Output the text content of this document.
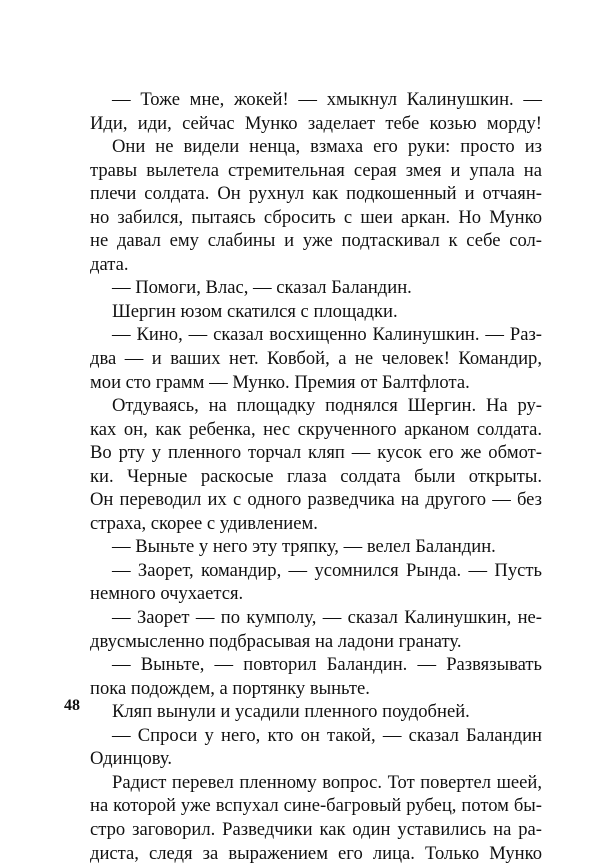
— Тоже мне, жокей! — хмыкнул Калинушкин. —
Иди, иди, сейчас Мунко заделает тебе козью морду!
Они не видели ненца, взмаха его руки: просто из
травы вылетела стремительная серая змея и упала на
плечи солдата. Он рухнул как подкошенный и отчаян-
но забился, пытаясь сбросить с шеи аркан. Но Мунко
не давал ему слабины и уже подтаскивал к себе сол-
дата.
— Помоги, Влас, — сказал Баландин.
Шергин юзом скатился с площадки.
— Кино, — сказал восхищенно Калинушкин. — Раз-
два — и ваших нет. Ковбой, а не человек! Командир,
мои сто грамм — Мунко. Премия от Балтфлота.
Отдуваясь, на площадку поднялся Шергин. На ру-
ках он, как ребенка, нес скрученного арканом солдата.
Во рту у пленного торчал кляп — кусок его же обмот-
ки. Черные раскосые глаза солдата были открыты.
Он переводил их с одного разведчика на другого — без
страха, скорее с удивлением.
— Выньте у него эту тряпку, — велел Баландин.
— Заорет, командир, — усомнился Рында. — Пусть
немного очухается.
— Заорет — по кумполу, — сказал Калинушкин, не-
двусмысленно подбрасывая на ладони гранату.
— Выньте, — повторил Баландин. — Развязывать
пока подождем, а портянку выньте.
Кляп вынули и усадили пленного поудобней.
— Спроси у него, кто он такой, — сказал Баландин
Одинцову.
Радист перевел пленному вопрос. Тот повертел шеей,
на которой уже вспухал сине-багровый рубец, потом бы-
стро заговорил. Разведчики как один уставились на ра-
диста, следя за выражением его лица. Только Мунко
48
